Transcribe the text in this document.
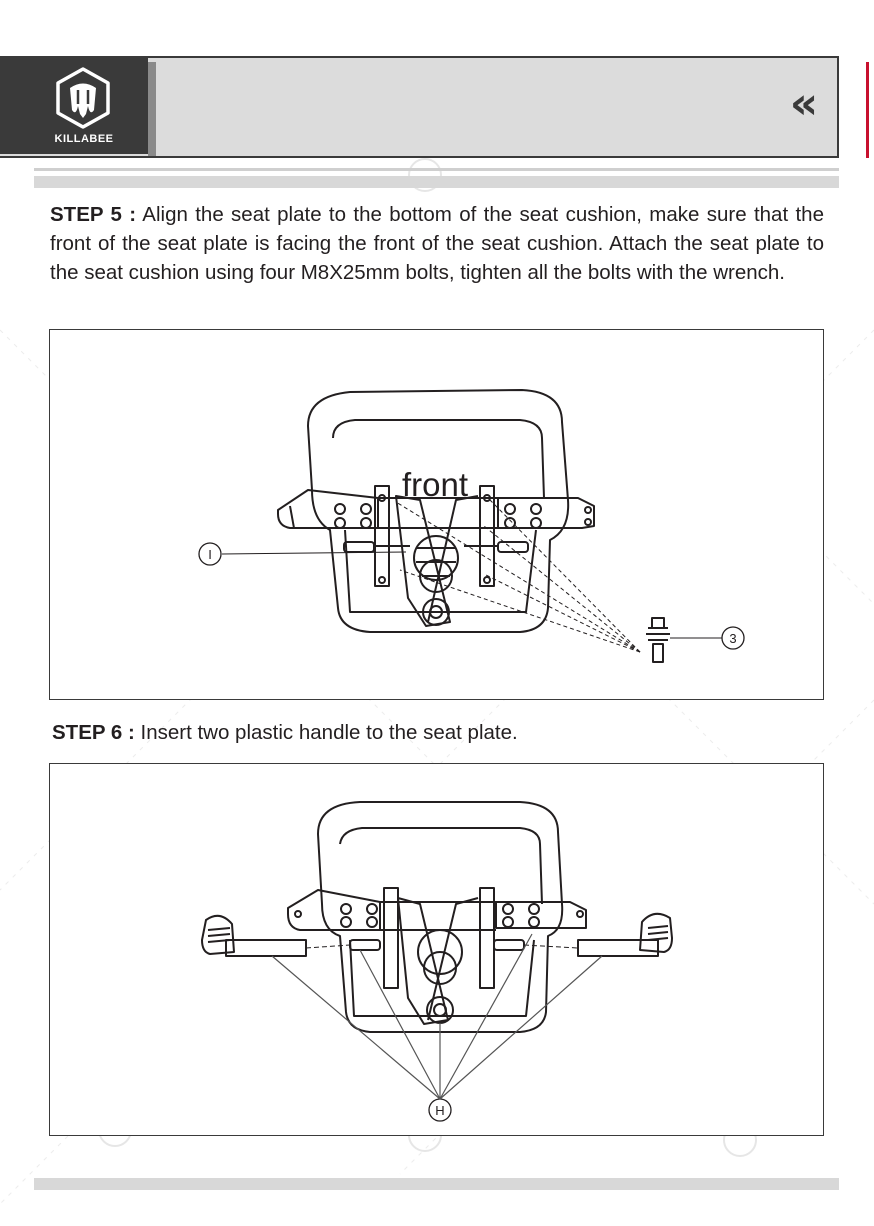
KILLABEE
«
STEP 5 : Align the seat plate to the bottom of the seat cushion, make sure that the front of the seat plate is facing the front of the seat cushion. Attach the seat plate to the seat cushion using four M8X25mm bolts, tighten all the bolts with the wrench.
front
I
3
STEP 6 : Insert two plastic handle to the seat plate.
H
